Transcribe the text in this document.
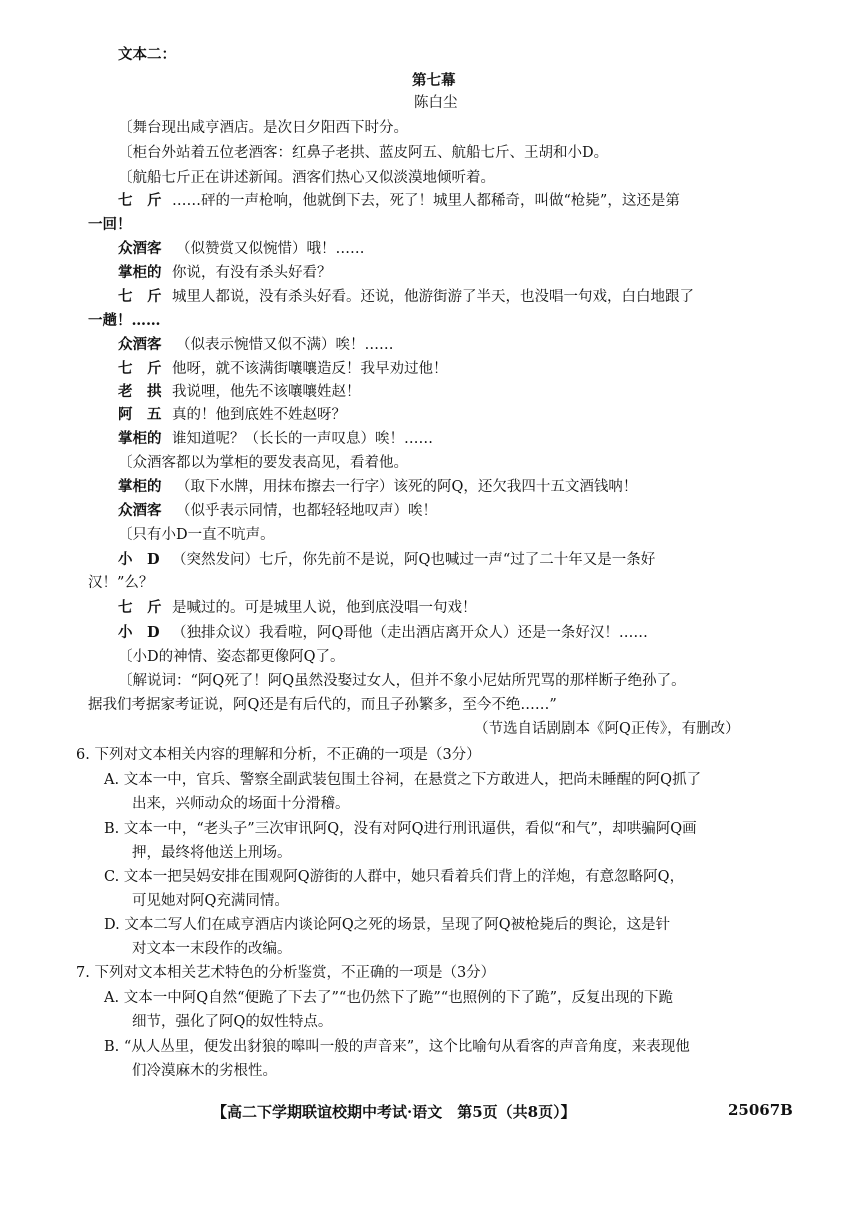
文本二：
第七幕
陈白尘
〔舞台现出咸亨酒店。是次日夕阳西下时分。
〔柜台外站着五位老酒客：红鼻子老拱、蓝皮阿五、航船七斤、王胡和小D。
〔航船七斤正在讲述新闻。酒客们热心又似淡漠地倾听着。
七　斤 ……砰的一声枪响，他就倒下去，死了！城里人都稀奇，叫做“枪毙”，这还是第
一回！
众酒客 （似赞赏又似惋惜）哦！……
掌柜的 你说，有没有杀头好看？
七　斤 城里人都说，没有杀头好看。还说，他游街游了半天，也没唱一句戏，白白地跟了
一趟！……
众酒客 （似表示惋惜又似不满）唉！……
七　斤 他呀，就不该满街嚷嚷造反！我早劝过他！
老　拱 我说哩，他先不该嚷嚷姓赵！
阿　五 真的！他到底姓不姓赵呀？
掌柜的 谁知道呢？（长长的一声叹息）唉！……
〔众酒客都以为掌柜的要发表高见，看着他。
掌柜的 （取下水牌，用抹布擦去一行字）该死的阿Q，还欠我四十五文酒钱呐！
众酒客 （似乎表示同情，也都轻轻地叹声）唉！
〔只有小D一直不吭声。
小　D （突然发问）七斤，你先前不是说，阿Q也喊过一声“过了二十年又是一条好
汉！”么？
七　斤 是喊过的。可是城里人说，他到底没唱一句戏！
小　D （独排众议）我看啦，阿Q哥他（走出酒店离开众人）还是一条好汉！……
〔小D的神情、姿态都更像阿Q了。
〔解说词：“阿Q死了！阿Q虽然没娶过女人，但并不象小尼姑所咒骂的那样断子绝孙了。
据我们考据家考证说，阿Q还是有后代的，而且子孙繁多，至今不绝……”
（节选自话剧剧本《阿Q正传》，有删改）
6. 下列对文本相关内容的理解和分析，不正确的一项是（3分）
A. 文本一中，官兵、警察全副武装包围土谷祠，在悬赏之下方敢进人，把尚未睡醒的阿Q抓了
出来，兴师动众的场面十分滑稽。
B. 文本一中，“老头子”三次审讯阿Q，没有对阿Q进行刑讯逼供，看似“和气”，却哄骗阿Q画
押，最终将他送上刑场。
C. 文本一把吴妈安排在围观阿Q游街的人群中，她只看着兵们背上的洋炮，有意忽略阿Q，
可见她对阿Q充满同情。
D. 文本二写人们在咸亨酒店内谈论阿Q之死的场景，呈现了阿Q被枪毙后的舆论，这是针
对文本一末段作的改编。
7. 下列对文本相关艺术特色的分析鉴赏，不正确的一项是（3分）
A. 文本一中阿Q自然“便跪了下去了”“也仍然下了跪”“也照例的下了跪”，反复出现的下跪
细节，强化了阿Q的奴性特点。
B. “从人丛里，便发出豺狼的嗥叫一般的声音来”，这个比喻句从看客的声音角度，来表现他
们冷漠麻木的劣根性。
【高二下学期联谊校期中考试·语文　第5页（共8页）】	25067B
